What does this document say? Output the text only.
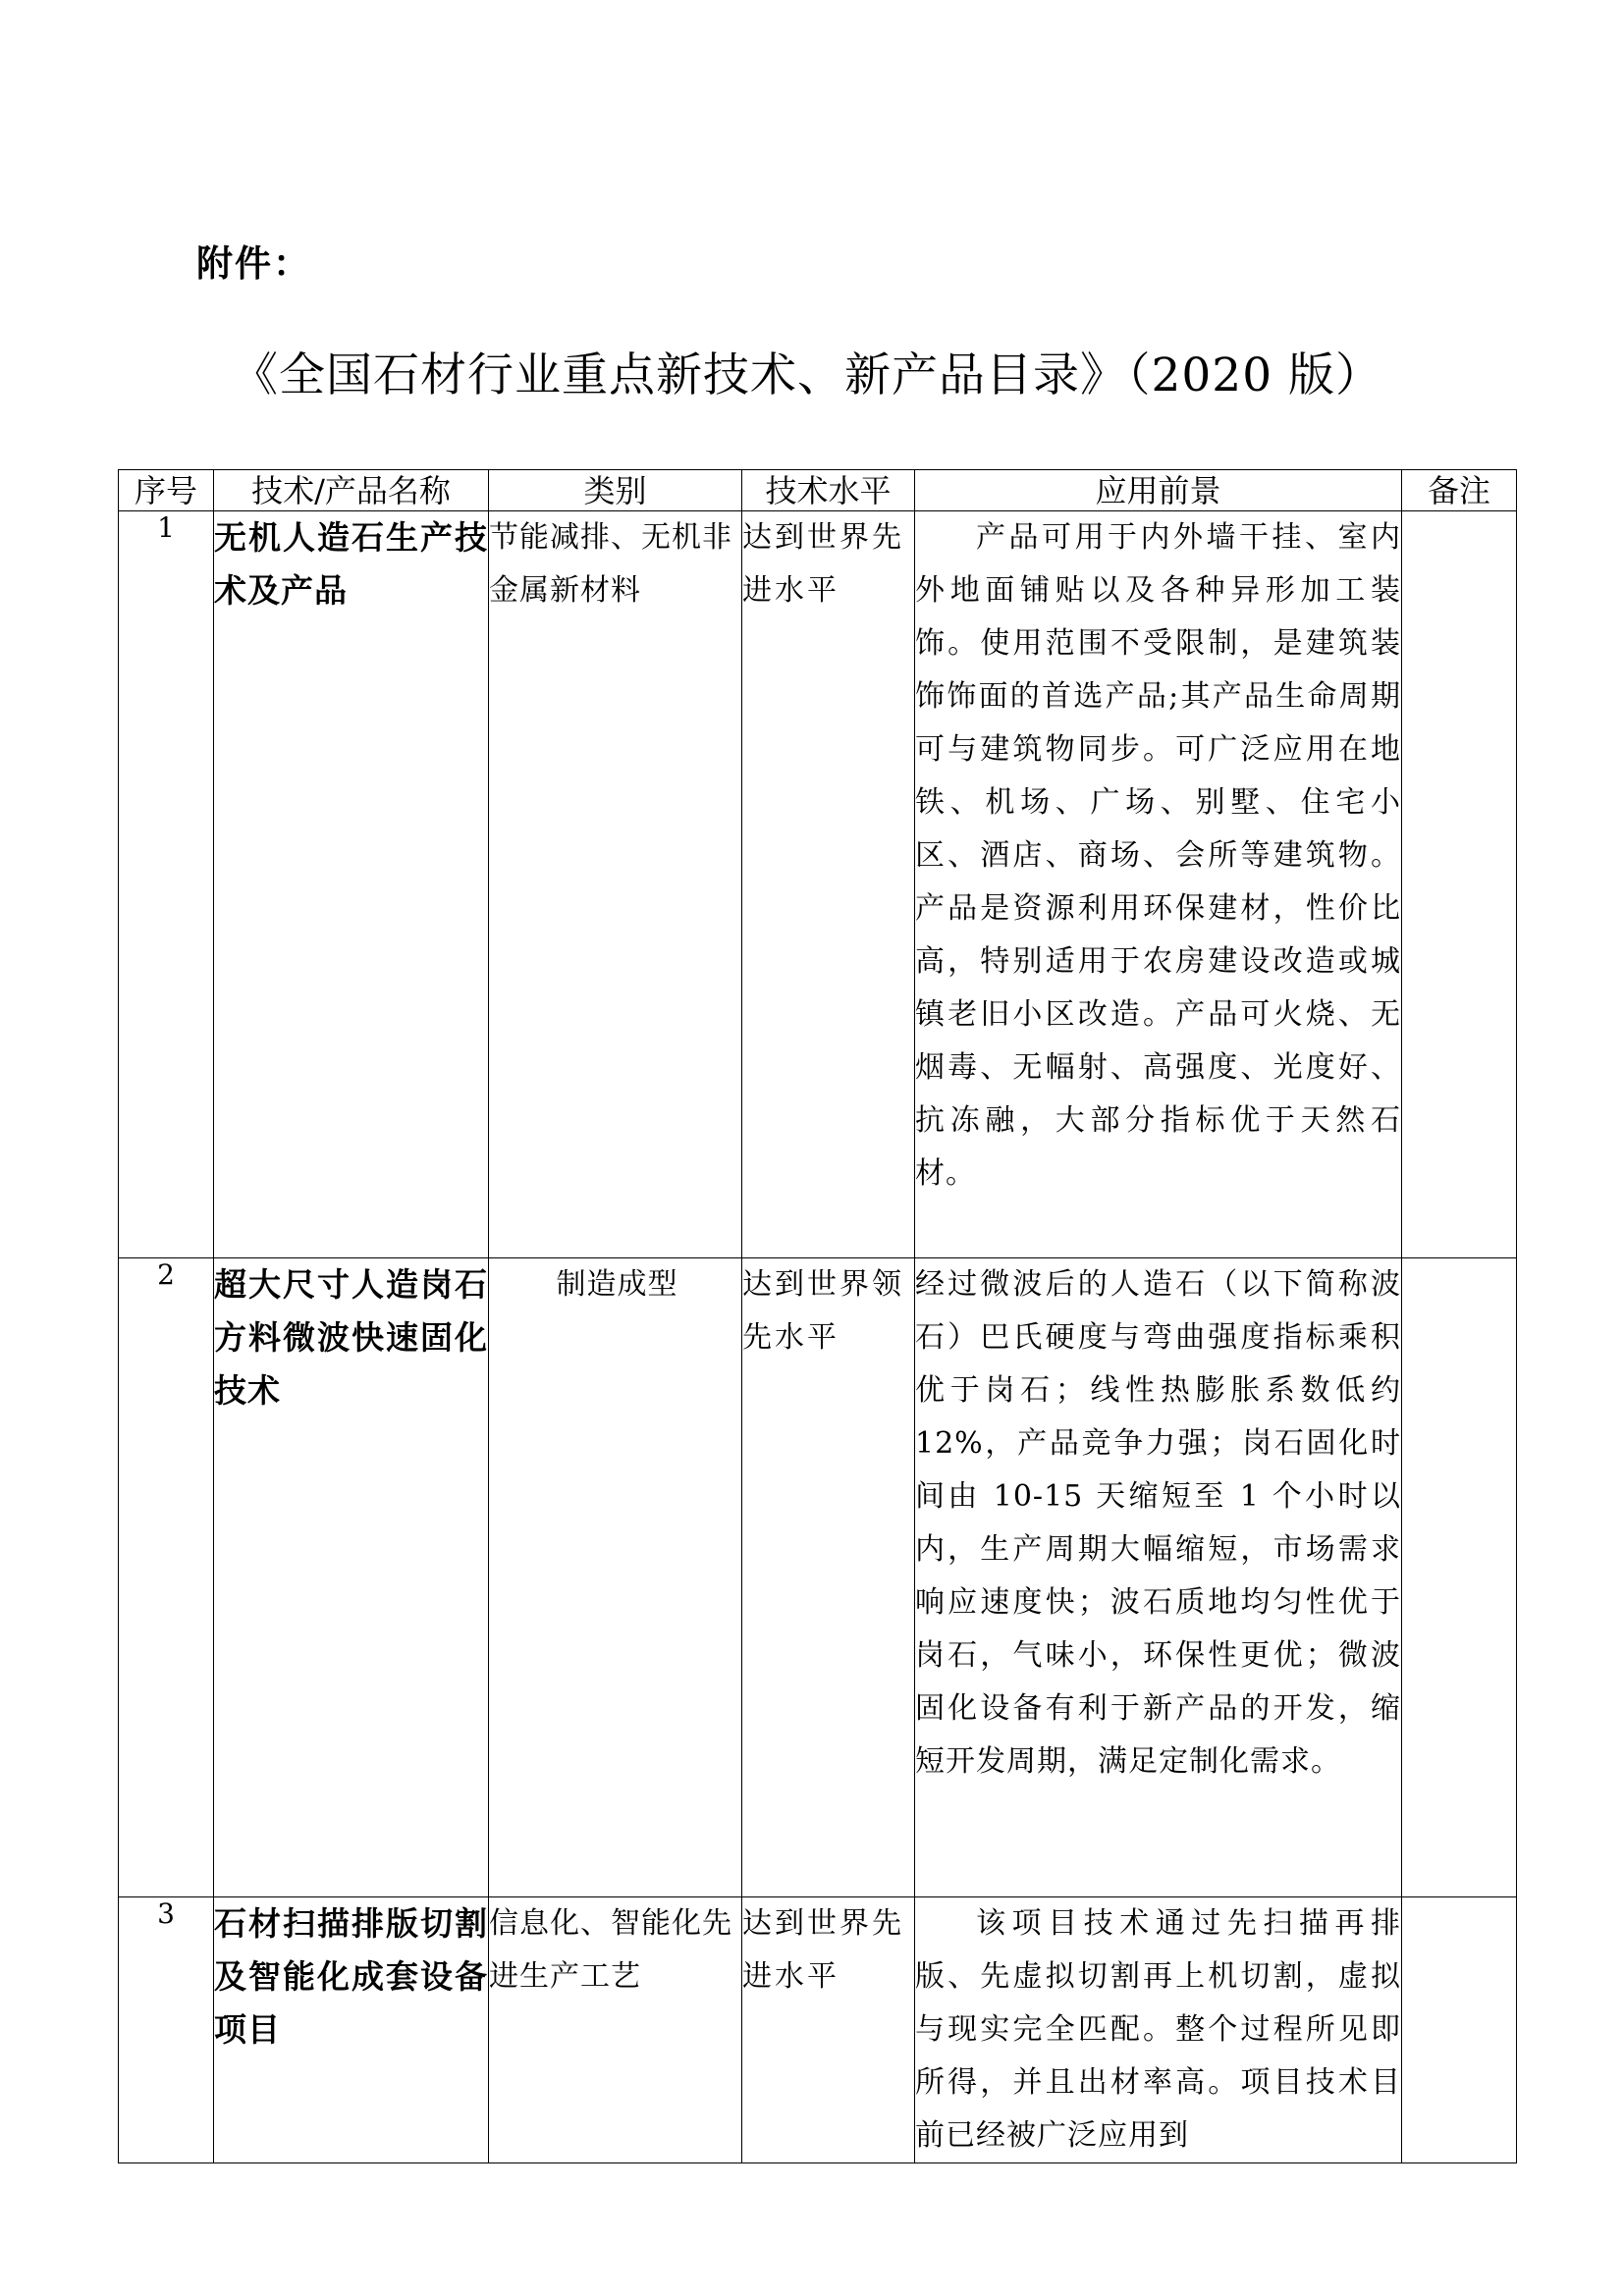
附件：
《全国石材行业重点新技术、新产品目录》（2020 版）
序号	技术/产品名称	类别	技术水平	应用前景	备注
1	无机人造石生产技术及产品	节能减排、无机非金属新材料	达到世界先进水平	产品可用于内外墙干挂、室内外地面铺贴以及各种异形加工装饰。使用范围不受限制，是建筑装饰饰面的首选产品;其产品生命周期可与建筑物同步。可广泛应用在地铁、机场、广场、别墅、住宅小区、酒店、商场、会所等建筑物。产品是资源利用环保建材，性价比高，特别适用于农房建设改造或城镇老旧小区改造。产品可火烧、无烟毒、无幅射、高强度、光度好、抗冻融，大部分指标优于天然石材。	
2	超大尺寸人造岗石方料微波快速固化技术	制造成型	达到世界领先水平	经过微波后的人造石（以下简称波石）巴氏硬度与弯曲强度指标乘积优于岗石；线性热膨胀系数低约 12%，产品竞争力强；岗石固化时间由 10-15 天缩短至 1 个小时以内，生产周期大幅缩短，市场需求响应速度快；波石质地均匀性优于岗石，气味小，环保性更优；微波固化设备有利于新产品的开发，缩短开发周期，满足定制化需求。	
3	石材扫描排版切割及智能化成套设备项目	信息化、智能化先进生产工艺	达到世界先进水平	该项目技术通过先扫描再排版、先虚拟切割再上机切割，虚拟与现实完全匹配。整个过程所见即所得，并且出材率高。项目技术目前已经被广泛应用到	
